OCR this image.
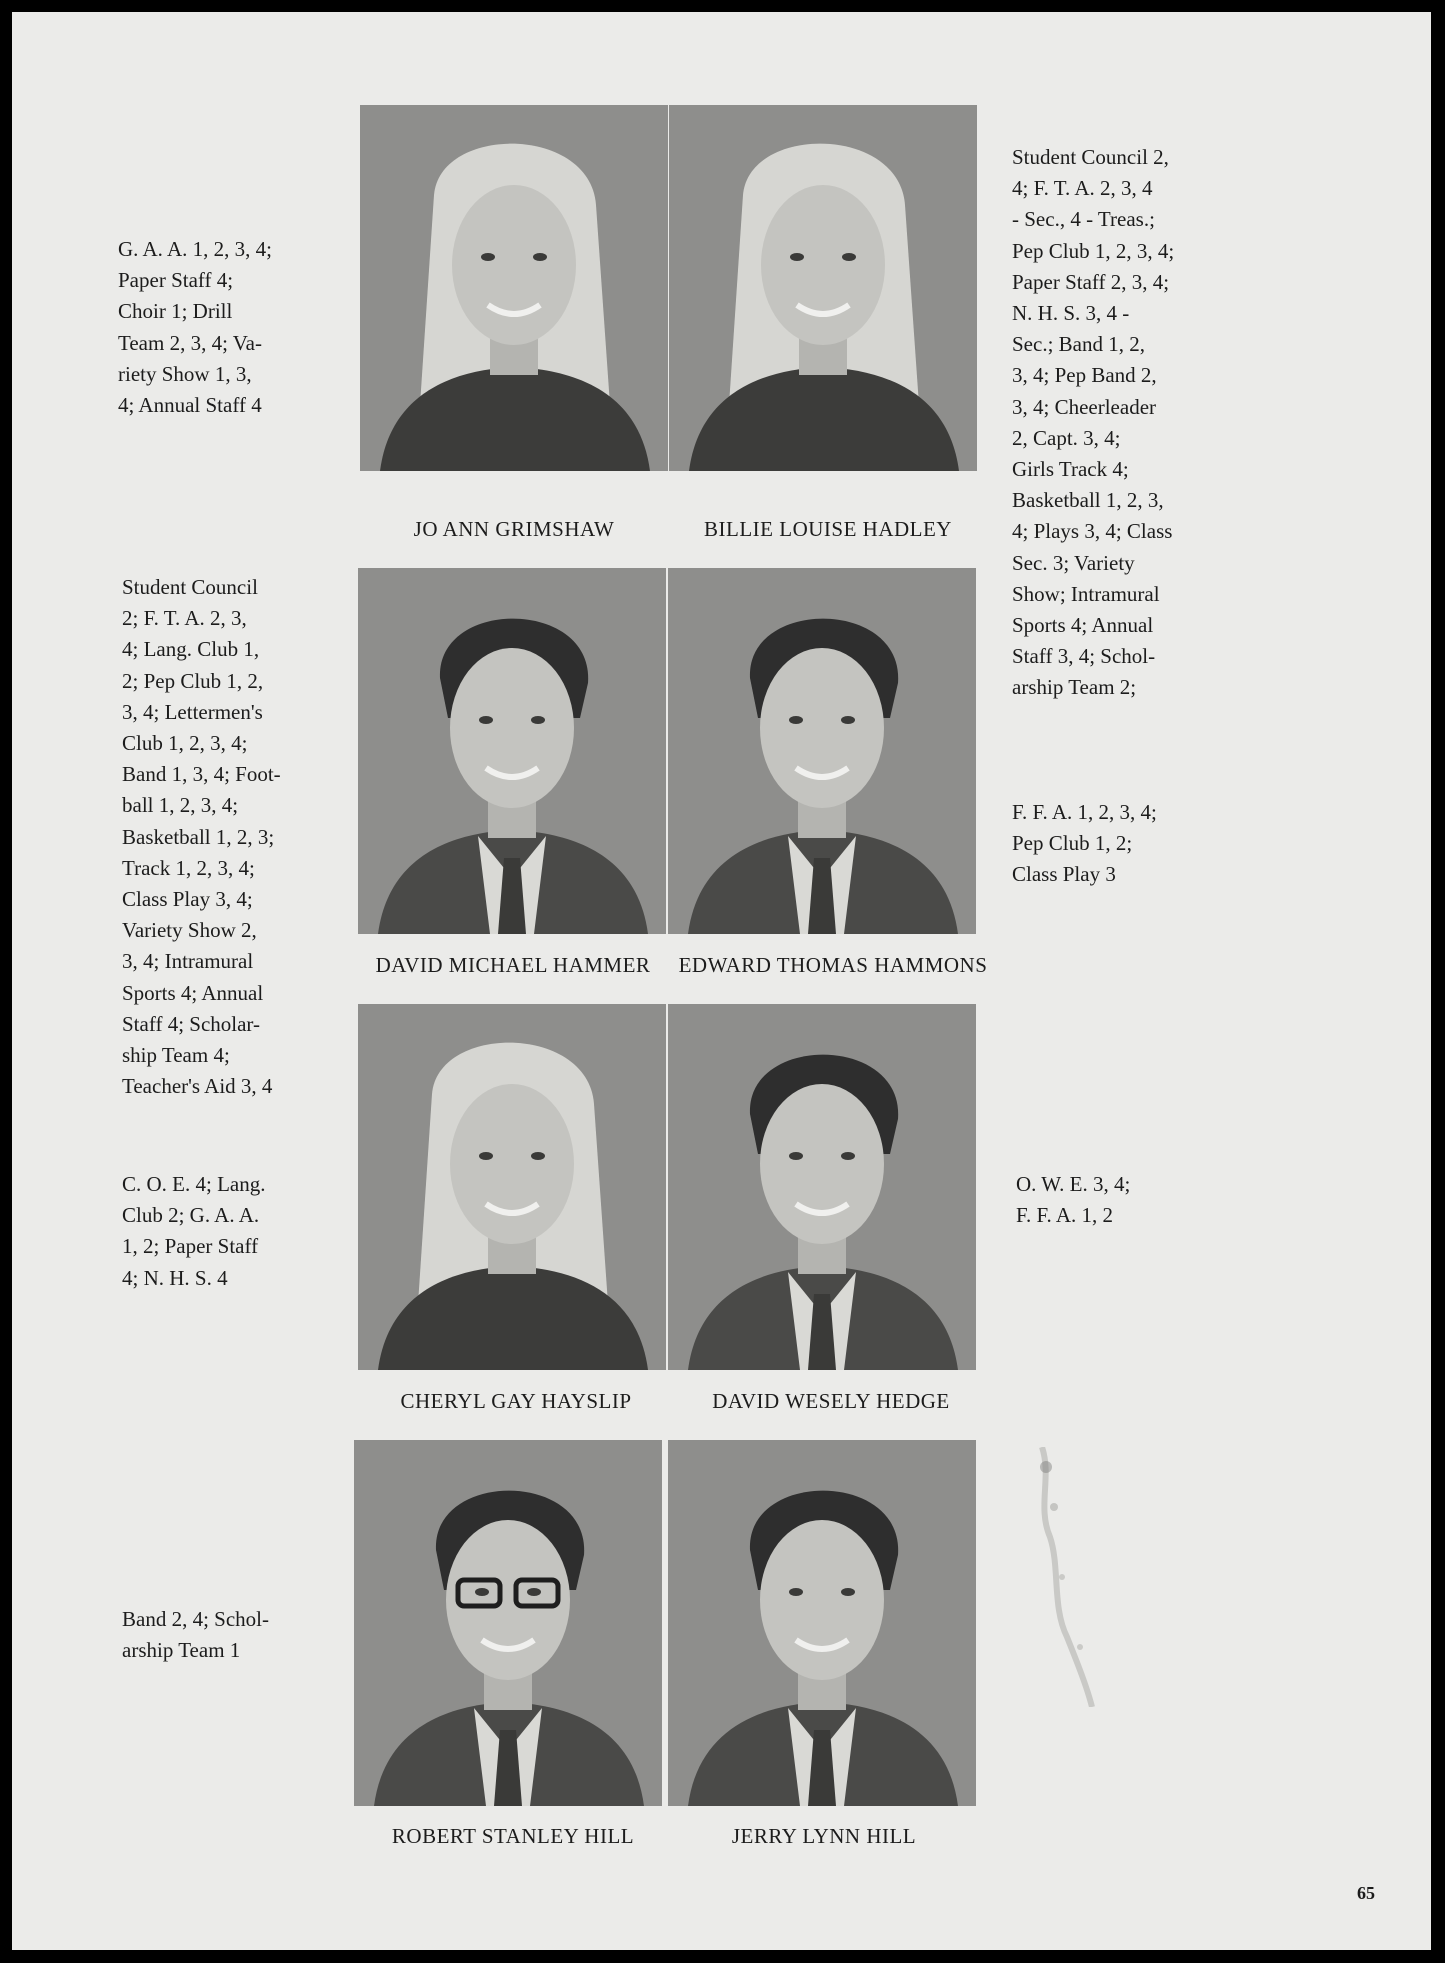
JO ANN GRIMSHAW	BILLIE LOUISE HADLEY
DAVID MICHAEL HAMMER	EDWARD THOMAS HAMMONS
CHERYL GAY HAYSLIP	DAVID WESELY HEDGE
ROBERT STANLEY HILL	JERRY LYNN HILL
G. A. A. 1, 2, 3, 4;
Paper Staff 4;
Choir 1; Drill
Team 2, 3, 4; Va-
riety Show 1, 3,
4; Annual Staff 4
Student Council 2,
4; F. T. A. 2, 3, 4
- Sec., 4 - Treas.;
Pep Club 1, 2, 3, 4;
Paper Staff 2, 3, 4;
N. H. S. 3, 4 -
Sec.; Band 1, 2,
3, 4; Pep Band 2,
3, 4; Cheerleader
2, Capt. 3, 4;
Girls Track 4;
Basketball 1, 2, 3,
4; Plays 3, 4; Class
Sec. 3; Variety
Show; Intramural
Sports 4; Annual
Staff 3, 4; Schol-
arship Team 2;
Student Council
2; F. T. A. 2, 3,
4; Lang. Club 1,
2; Pep Club 1, 2,
3, 4; Lettermen's
Club 1, 2, 3, 4;
Band 1, 3, 4; Foot-
ball 1, 2, 3, 4;
Basketball 1, 2, 3;
Track 1, 2, 3, 4;
Class Play 3, 4;
Variety Show 2,
3, 4; Intramural
Sports 4; Annual
Staff 4; Scholar-
ship Team 4;
Teacher's Aid 3, 4
F. F. A. 1, 2, 3, 4;
Pep Club 1, 2;
Class Play 3
C. O. E. 4; Lang.
Club 2; G. A. A.
1, 2; Paper Staff
4; N. H. S. 4
O. W. E. 3, 4;
F. F. A. 1, 2
Band 2, 4; Schol-
arship Team 1
65
